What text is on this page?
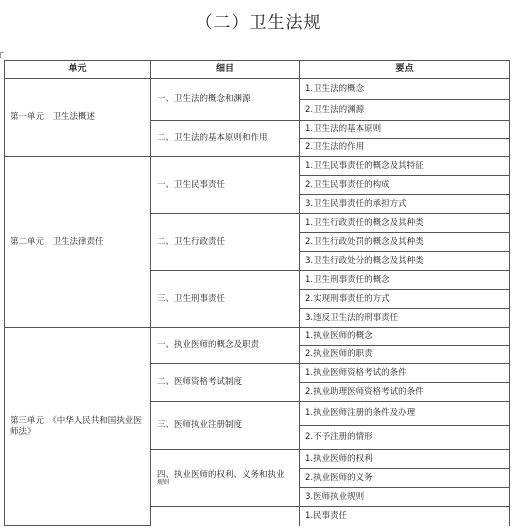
（二）卫生法规
单元	细目	要点
第一单元　卫生法概述	一、卫生法的概念和渊源	1.卫生法的概念
		2.卫生法的渊源
	二、卫生法的基本原则和作用	1.卫生法的基本原则
		2.卫生法的作用
第二单元　卫生法律责任	一、卫生民事责任	1.卫生民事责任的概念及其特征
		2.卫生民事责任的构成
		3.卫生民事责任的承担方式
	二、卫生行政责任	1.卫生行政责任的概念及其种类
		2.卫生行政处罚的概念及其种类
		3.卫生行政处分的概念及其种类
	三、卫生刑事责任	1.卫生刑事责任的概念
		2.实现刑事责任的方式
		3.违反卫生法的刑事责任
第三单元　《中华人民共和国执业医师法》	一、执业医师的概念及职责	1.执业医师的概念
		2.执业医师的职责
	二、医师资格考试制度	1.执业医师资格考试的条件
		2.执业助理医师资格考试的条件
	三、医师执业注册制度	1.执业医师注册的条件及办理
		2.不予注册的情形
	四、执业医师的权利、义务和执业
规则	1.执业医师的权利
		2.执业医师的义务
		3.医师执业规则
		1.民事责任
